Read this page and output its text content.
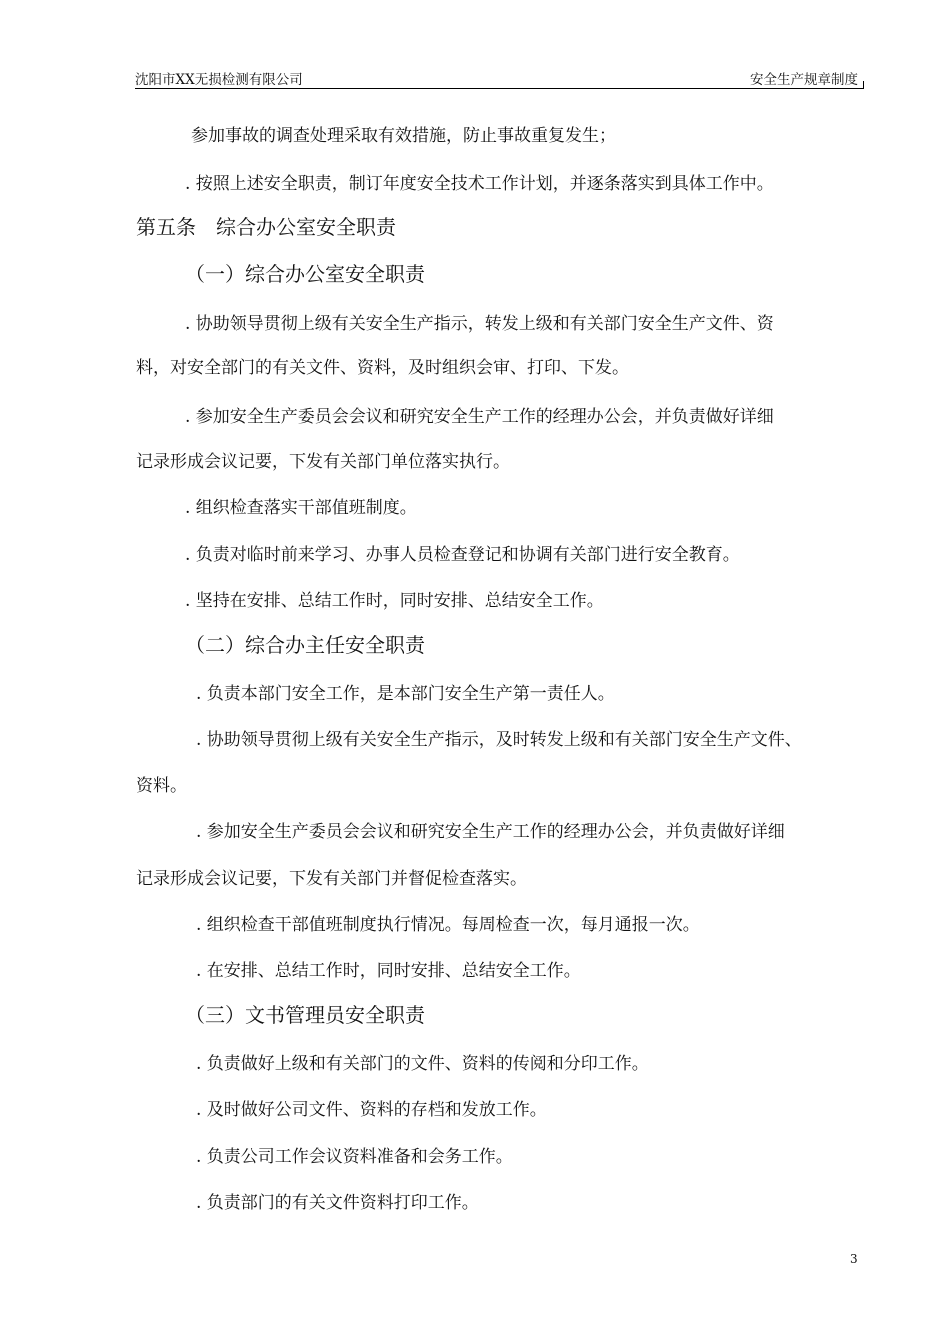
沈阳市XX无损检测有限公司	安全生产规章制度
参加事故的调查处理采取有效措施，防止事故重复发生；
. 按照上述安全职责，制订年度安全技术工作计划，并逐条落实到具体工作中。
第五条　综合办公室安全职责
（一）综合办公室安全职责
. 协助领导贯彻上级有关安全生产指示，转发上级和有关部门安全生产文件、资
料，对安全部门的有关文件、资料，及时组织会审、打印、下发。
. 参加安全生产委员会会议和研究安全生产工作的经理办公会，并负责做好详细
记录形成会议记要，下发有关部门单位落实执行。
. 组织检查落实干部值班制度。
. 负责对临时前来学习、办事人员检查登记和协调有关部门进行安全教育。
. 坚持在安排、总结工作时，同时安排、总结安全工作。
（二）综合办主任安全职责
. 负责本部门安全工作，是本部门安全生产第一责任人。
. 协助领导贯彻上级有关安全生产指示，及时转发上级和有关部门安全生产文件、
资料。
. 参加安全生产委员会会议和研究安全生产工作的经理办公会，并负责做好详细
记录形成会议记要，下发有关部门并督促检查落实。
. 组织检查干部值班制度执行情况。每周检查一次，每月通报一次。
. 在安排、总结工作时，同时安排、总结安全工作。
（三）文书管理员安全职责
. 负责做好上级和有关部门的文件、资料的传阅和分印工作。
. 及时做好公司文件、资料的存档和发放工作。
. 负责公司工作会议资料准备和会务工作。
. 负责部门的有关文件资料打印工作。
3
